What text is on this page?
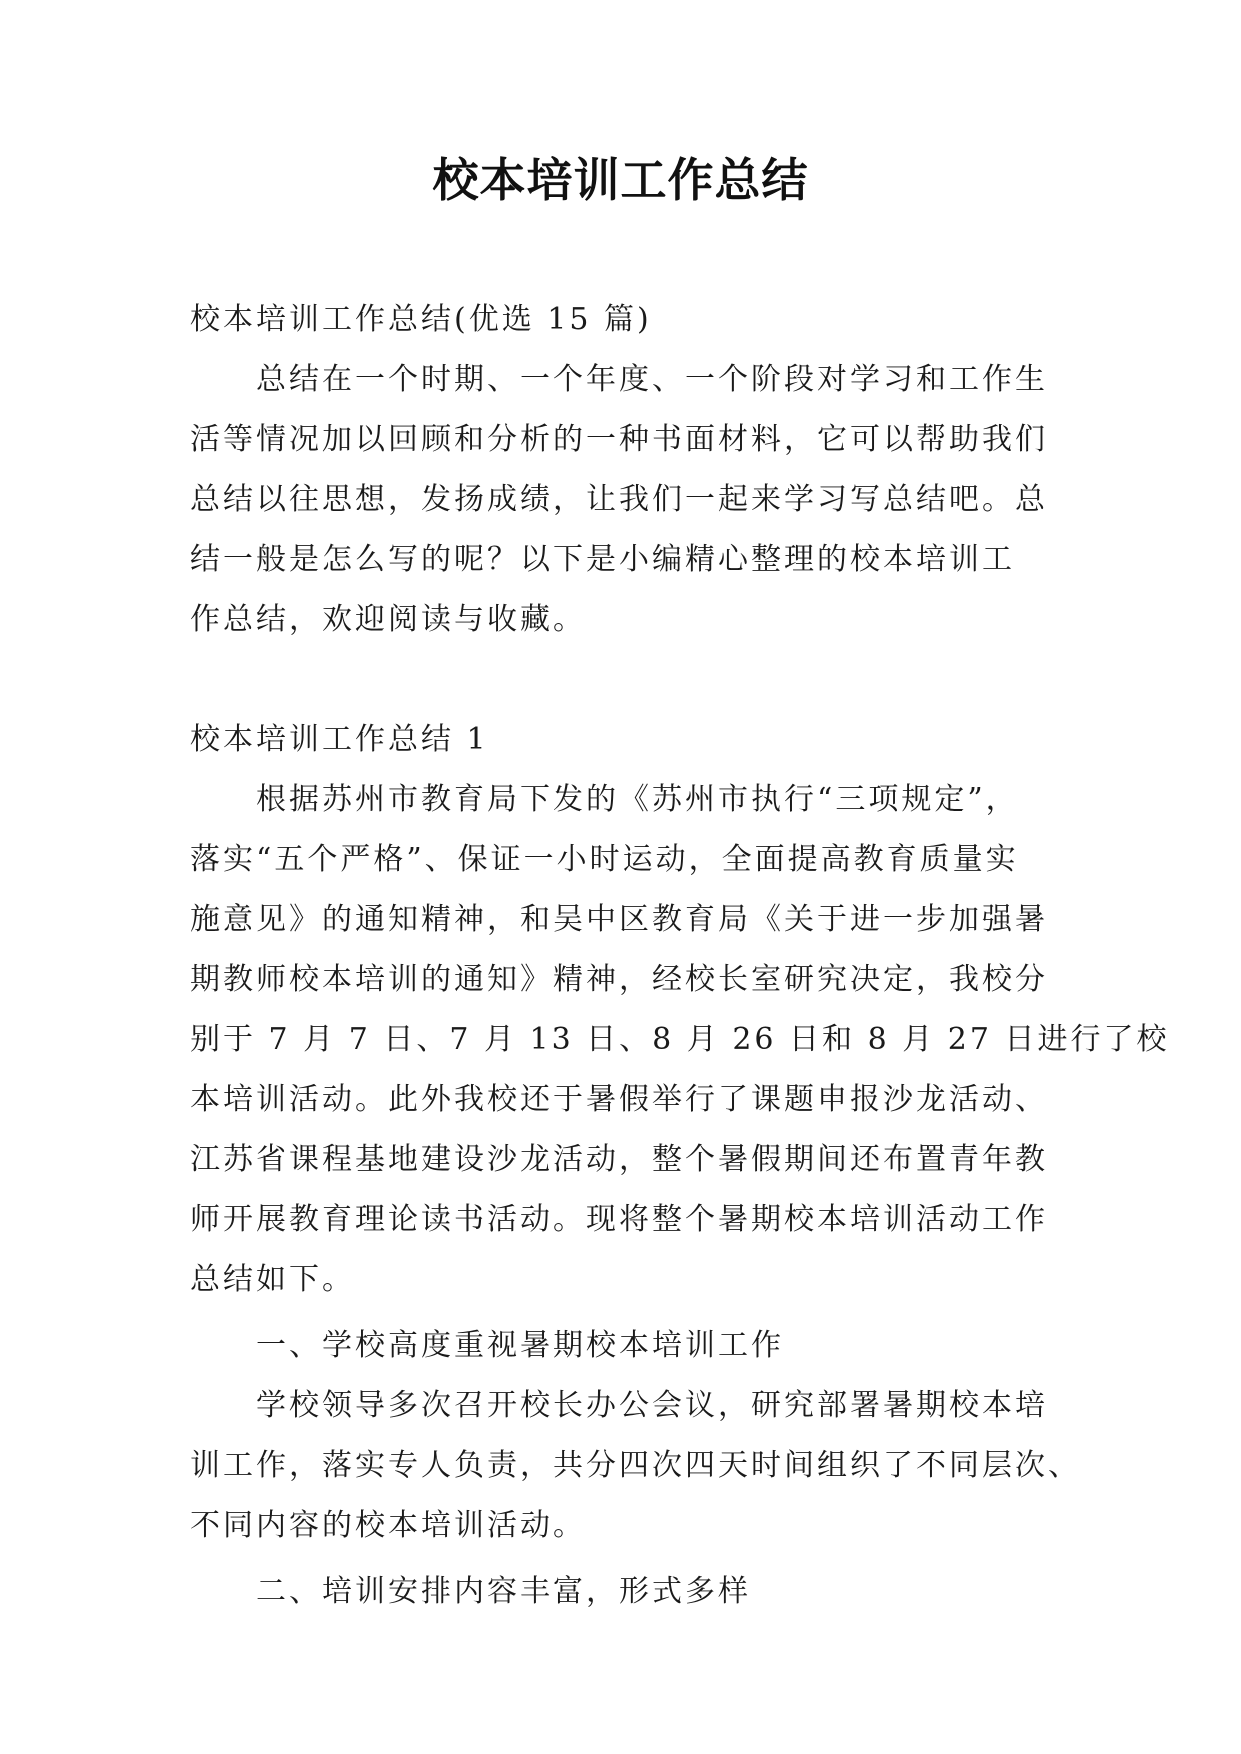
校本培训工作总结
校本培训工作总结(优选 15 篇)
总结在一个时期、一个年度、一个阶段对学习和工作生
活等情况加以回顾和分析的一种书面材料，它可以帮助我们
总结以往思想，发扬成绩，让我们一起来学习写总结吧。总
结一般是怎么写的呢？以下是小编精心整理的校本培训工
作总结，欢迎阅读与收藏。
校本培训工作总结 1
根据苏州市教育局下发的《苏州市执行“三项规定”，
落实“五个严格”、保证一小时运动，全面提高教育质量实
施意见》的通知精神，和吴中区教育局《关于进一步加强暑
期教师校本培训的通知》精神，经校长室研究决定，我校分
别于 7 月 7 日、7 月 13 日、8 月 26 日和 8 月 27 日进行了校
本培训活动。此外我校还于暑假举行了课题申报沙龙活动、
江苏省课程基地建设沙龙活动，整个暑假期间还布置青年教
师开展教育理论读书活动。现将整个暑期校本培训活动工作
总结如下。
一、学校高度重视暑期校本培训工作
学校领导多次召开校长办公会议，研究部署暑期校本培
训工作，落实专人负责，共分四次四天时间组织了不同层次、
不同内容的校本培训活动。
二、培训安排内容丰富，形式多样
